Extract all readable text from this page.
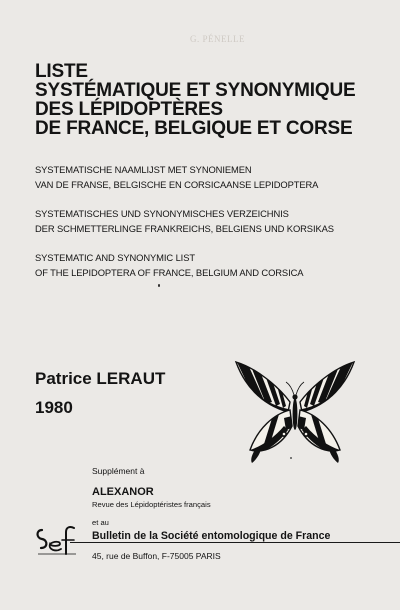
G. PÉNELLE
LISTE
SYSTÉMATIQUE ET SYNONYMIQUE
DES LÉPIDOPTÈRES
DE FRANCE, BELGIQUE ET CORSE
SYSTEMATISCHE NAAMLIJST MET SYNONIEMEN
VAN DE FRANSE, BELGISCHE EN CORSICAANSE LEPIDOPTERA
SYSTEMATISCHES UND SYNONYMISCHES VERZEICHNIS
DER SCHMETTERLINGE FRANKREICHS, BELGIENS UND KORSIKAS
SYSTEMATIC AND SYNONYMIC LIST
OF THE LEPIDOPTERA OF FRANCE, BELGIUM AND CORSICA
Patrice LERAUT
1980
Supplément à
ALEXANOR
Revue des Lépidoptéristes français
et au
Bulletin de la Société entomologique de France
45, rue de Buffon, F-75005 PARIS
